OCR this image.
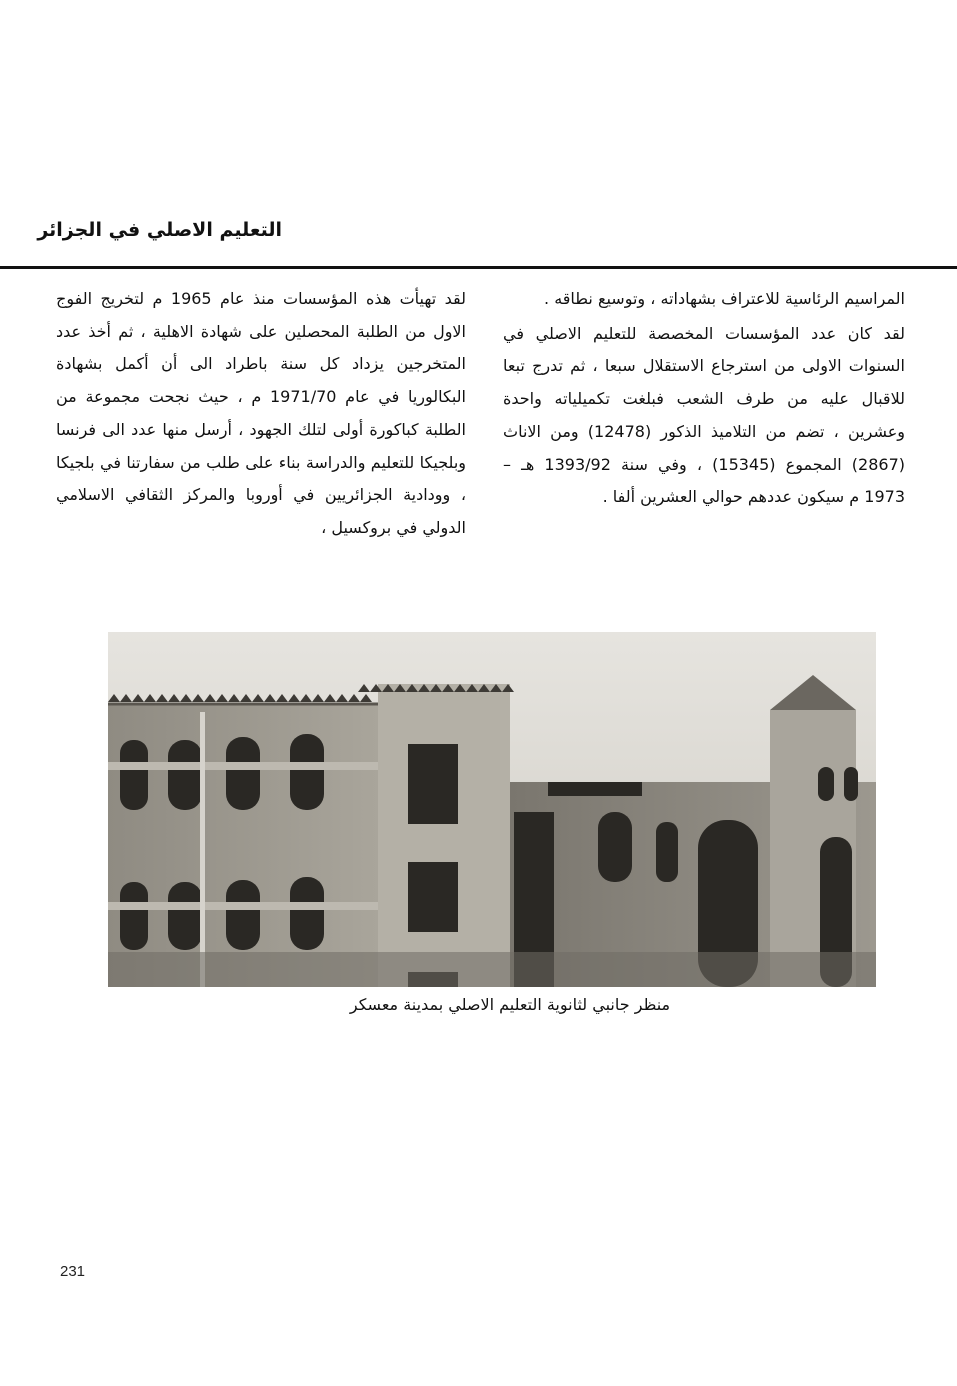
التعليم الاصلي في الجزائر

المراسيم الرئاسية للاعتراف بشهاداته ، وتوسيع نطاقه .

لقد كان عدد المؤسسات المخصصة للتعليم الاصلي في السنوات الاولى من استرجاع الاستقلال سبعا ، ثم تدرج تبعا للاقبال عليه من طرف الشعب فبلغت تكميلياته واحدة وعشرين ، تضم من التلاميذ الذكور (12478) ومن الاناث (2867) المجموع (15345) ، وفي سنة 1393/92 هـ – 1973 م سيكون عددهم حوالي العشرين ألفا .

لقد تهيأت هذه المؤسسات منذ عام 1965 م لتخريج الفوج الاول من الطلبة المحصلين على شهادة الاهلية ، ثم أخذ عدد المتخرجين يزداد كل سنة باطراد الى أن أكمل بشهادة البكالوريا في عام 1971/70 م ، حيث نجحت مجموعة من الطلبة كباكورة أولى لتلك الجهود ، أرسل منها عدد الى فرنسا وبلجيكا للتعليم والدراسة بناء على طلب من سفارتنا في بلجيكا ، وودادية الجزائريين في أوروبا والمركز الثقافي الاسلامي الدولي في بروكسيل ،

منظر جانبي لثانوية التعليم الاصلي بمدينة معسكر
231
